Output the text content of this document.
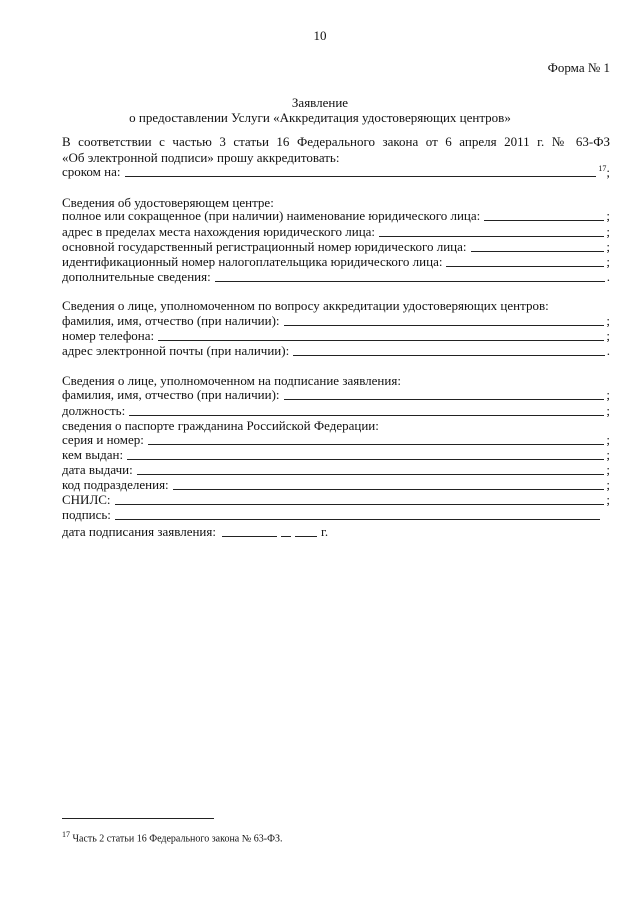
10
Форма № 1
Заявление
о предоставлении Услуги «Аккредитация удостоверяющих центров»
В соответствии с частью 3 статьи 16 Федерального закона от 6 апреля 2011 г. № 63-ФЗ
«Об электронной подписи» прошу аккредитовать:
сроком на:	$^{17}$;
Сведения об удостоверяющем центре:
полное или сокращенное (при наличии) наименование юридического лица:	;
адрес в пределах места нахождения юридического лица:	;
основной государственный регистрационный номер юридического лица:	;
идентификационный номер налогоплательщика юридического лица:	;
дополнительные сведения:	.
Сведения о лице, уполномоченном по вопросу аккредитации удостоверяющих центров:
фамилия, имя, отчество (при наличии):	;
номер телефона:	;
адрес электронной почты (при наличии):	.
Сведения о лице, уполномоченном на подписание заявления:
фамилия, имя, отчество (при наличии):	;
должность:	;
сведения о паспорте гражданина Российской Федерации:
серия и номер:	;
кем выдан:	;
дата выдачи:	;
код подразделения:	;
СНИЛС:	;
подпись:
дата подписания заявления:	г.
$^{17}$ Часть 2 статьи 16 Федерального закона № 63-ФЗ.
